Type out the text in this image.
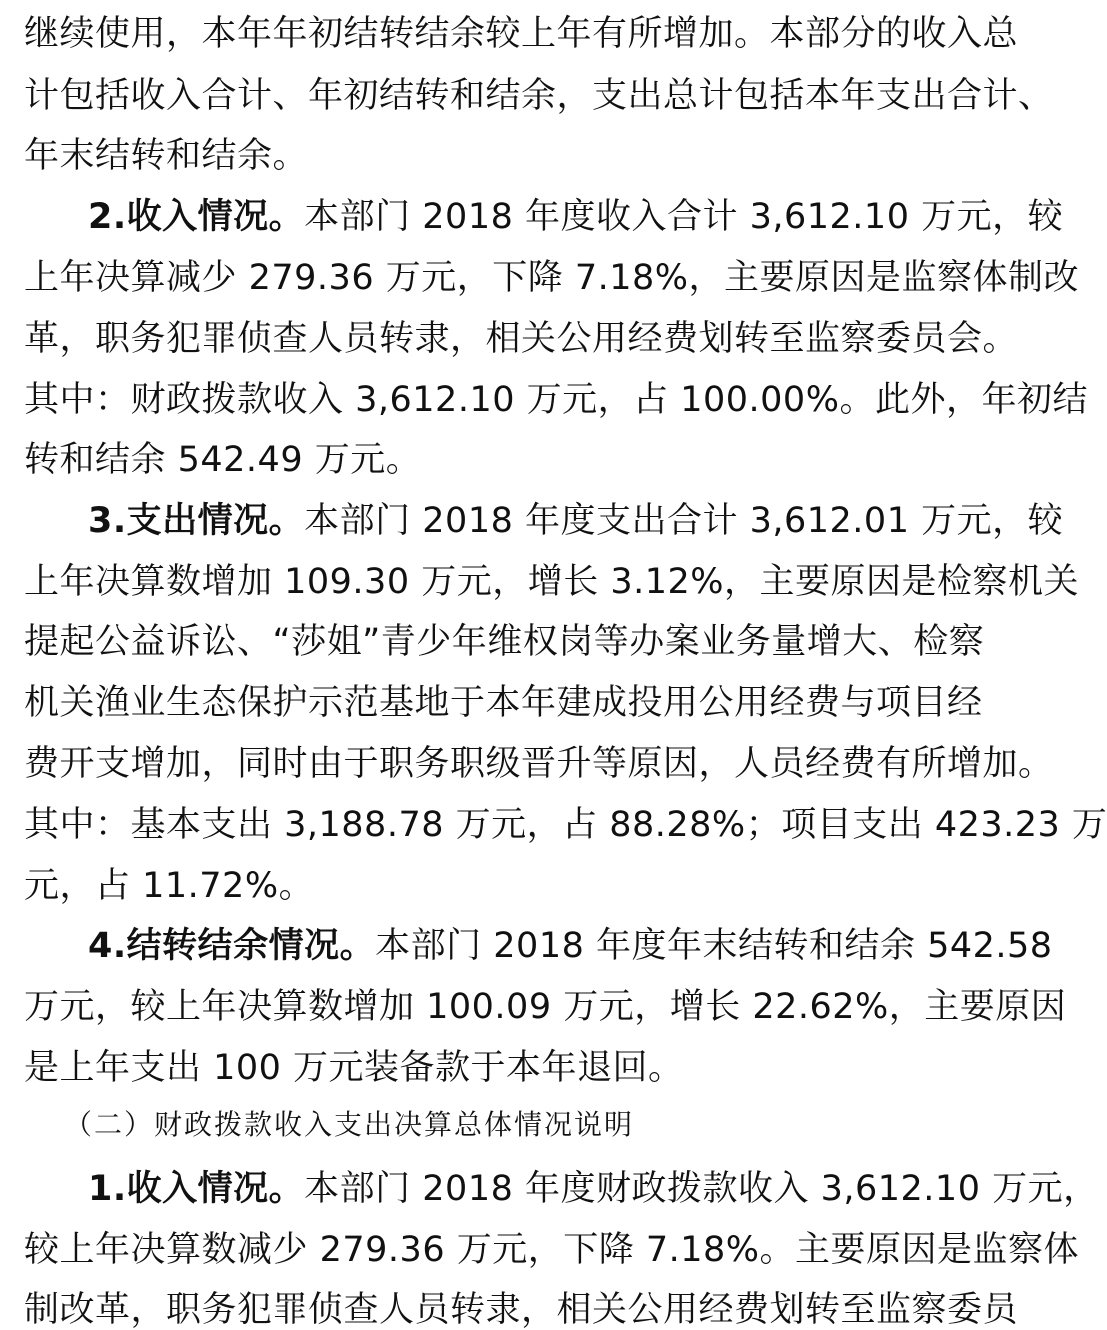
继续使用，本年年初结转结余较上年有所增加。本部分的收入总
计包括收入合计、年初结转和结余，支出总计包括本年支出合计、
年末结转和结余。
2.收入情况。本部门 2018 年度收入合计 3,612.10 万元，较
上年决算减少 279.36 万元，下降 7.18%，主要原因是监察体制改
革，职务犯罪侦查人员转隶，相关公用经费划转至监察委员会。
其中：财政拨款收入 3,612.10 万元，占 100.00%。此外，年初结
转和结余 542.49 万元。
3.支出情况。本部门 2018 年度支出合计 3,612.01 万元，较
上年决算数增加 109.30 万元，增长 3.12%，主要原因是检察机关
提起公益诉讼、“莎姐”青少年维权岗等办案业务量增大、检察
机关渔业生态保护示范基地于本年建成投用公用经费与项目经
费开支增加，同时由于职务职级晋升等原因，人员经费有所增加。
其中：基本支出 3,188.78 万元，占 88.28%；项目支出 423.23 万
元，占 11.72%。
4.结转结余情况。本部门 2018 年度年末结转和结余 542.58
万元，较上年决算数增加 100.09 万元，增长 22.62%，主要原因
是上年支出 100 万元装备款于本年退回。
（二）财政拨款收入支出决算总体情况说明
1.收入情况。本部门 2018 年度财政拨款收入 3,612.10 万元，
较上年决算数减少 279.36 万元，下降 7.18%。主要原因是监察体
制改革，职务犯罪侦查人员转隶，相关公用经费划转至监察委员
